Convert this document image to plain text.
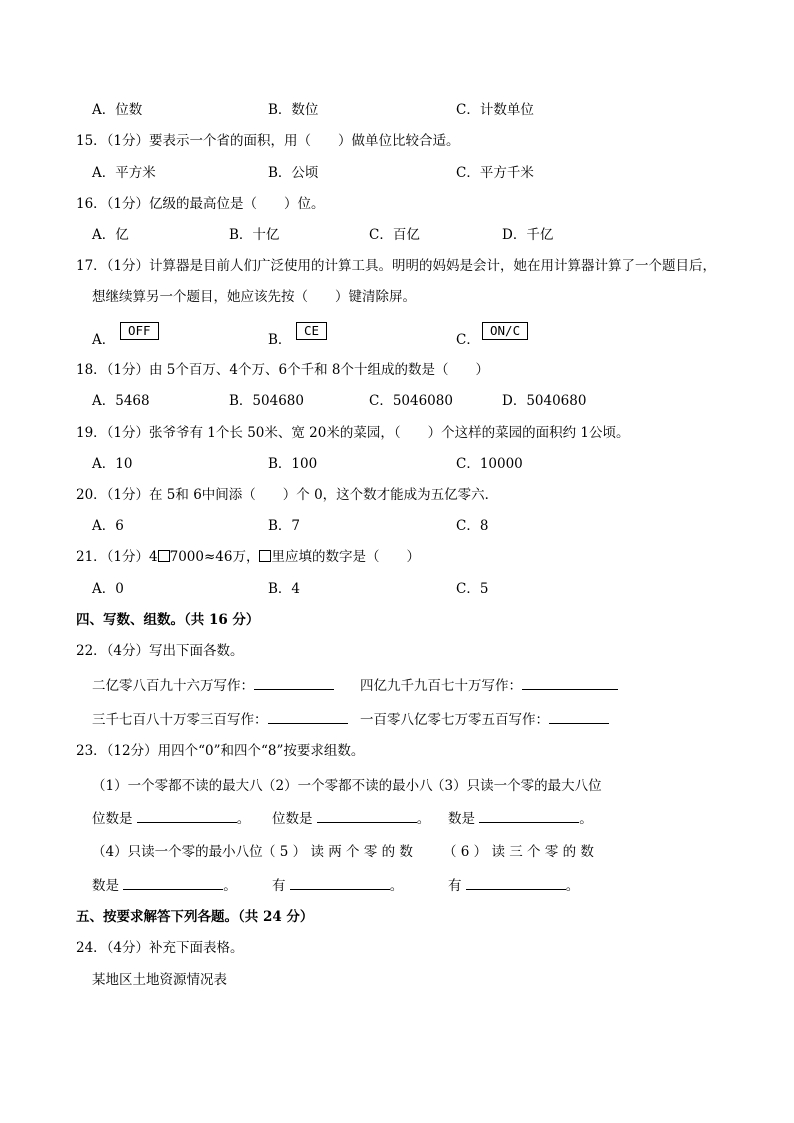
A．位数	B．数位	C．计数单位
15．（1分）要表示一个省的面积，用（　　）做单位比较合适。
A．平方米	B．公顷	C．平方千米
16．（1分）亿级的最高位是（　　）位。
A．亿	B．十亿	C．百亿	D．千亿
17．（1分）计算器是目前人们广泛使用的计算工具。明明的妈妈是会计，她在用计算器计算了一个题目后，
想继续算另一个题目，她应该先按（　　）键清除屏。
A．
OFF
B．
CE
C．
ON/C
18．（1分）由 5个百万、4个万、6个千和 8个十组成的数是（　　）
A．5468	B．504680	C．5046080	D．5040680
19．（1分）张爷爷有 1个长 50米、宽 20米的菜园，（　　）个这样的菜园的面积约 1公顷。
A．10	B．100	C．10000
20．（1分）在 5和 6中间添（　　）个 0，这个数才能成为五亿零六．
A．6	B．7	C．8
21．（1分）4 7000≈46万， 里应填的数字是（　　）
A．0	B．4	C．5
四、写数、组数。（共 16 分）
22．（4分）写出下面各数。
二亿零八百九十六万写作：	四亿九千九百七十万写作：
三千七百八十万零三百写作：	一百零八亿零七万零五百写作：
23．（12分）用四个“0”和四个“8”按要求组数。
（1）一个零都不读的最大八 （2）一个零都不读的最小八
（3）只读一个零的最大八位
位数是	。 位数是	。 数是	。
（4）只读一个零的最小八位 （ 5 ） 读 两 个 零 的 数 （ 6 ） 读 三 个 零 的 数
数是	。	有	。	有	。
五、按要求解答下列各题。（共 24 分）
24．（4分）补充下面表格。
某地区土地资源情况表
